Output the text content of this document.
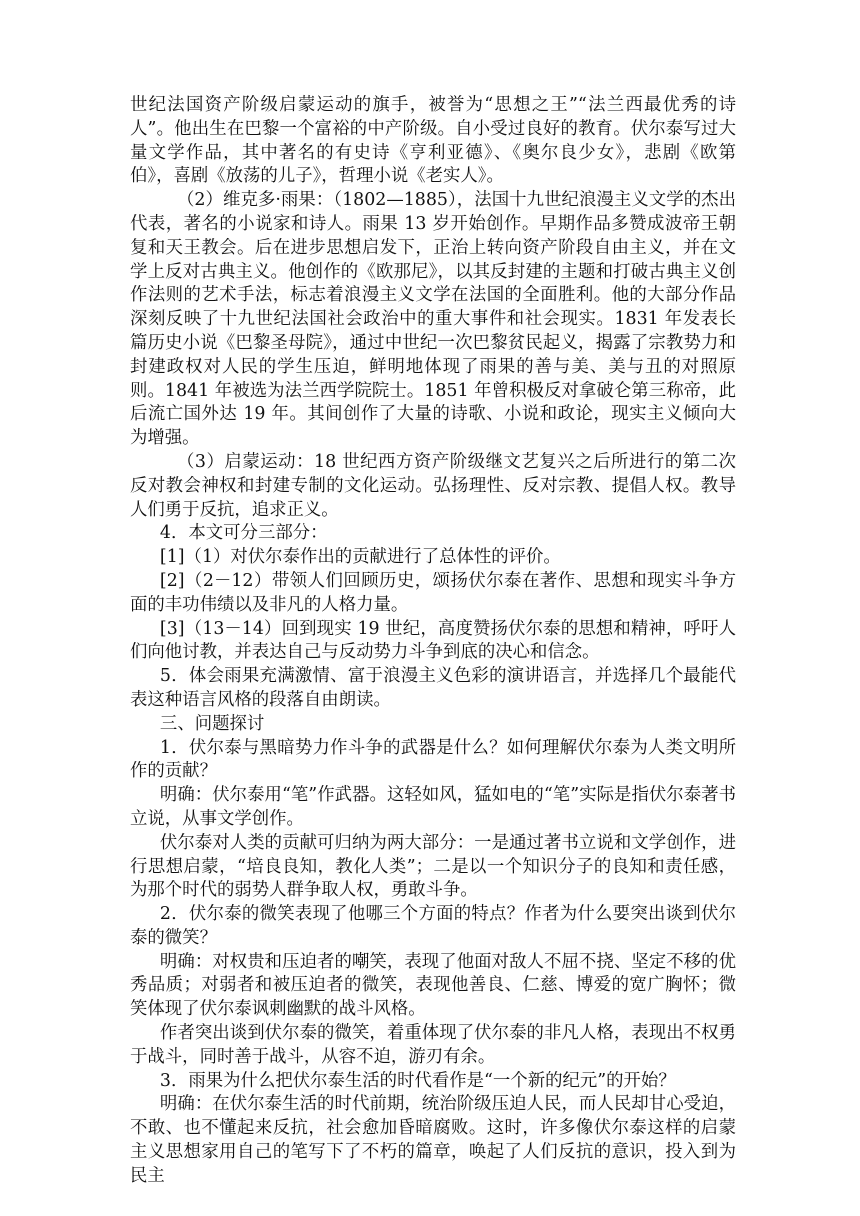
世纪法国资产阶级启蒙运动的旗手，被誉为“思想之王”“法兰西最优秀的诗人”。他出生在巴黎一个富裕的中产阶级。自小受过良好的教育。伏尔泰写过大量文学作品，其中著名的有史诗《亨利亚德》、《奥尔良少女》，悲剧《欧第伯》，喜剧《放荡的儿子》，哲理小说《老实人》。

（2）维克多·雨果：（1802—1885），法国十九世纪浪漫主义文学的杰出代表，著名的小说家和诗人。雨果 13 岁开始创作。早期作品多赞成波帝王朝复和天王教会。后在进步思想启发下，正治上转向资产阶段自由主义，并在文学上反对古典主义。他创作的《欧那尼》，以其反封建的主题和打破古典主义创作法则的艺术手法，标志着浪漫主义文学在法国的全面胜利。他的大部分作品深刻反映了十九世纪法国社会政治中的重大事件和社会现实。1831 年发表长篇历史小说《巴黎圣母院》，通过中世纪一次巴黎贫民起义，揭露了宗教势力和封建政权对人民的学生压迫，鲜明地体现了雨果的善与美、美与丑的对照原则。1841 年被选为法兰西学院院士。1851 年曾积极反对拿破仑第三称帝，此后流亡国外达 19 年。其间创作了大量的诗歌、小说和政论，现实主义倾向大为增强。

（3）启蒙运动：18 世纪西方资产阶级继文艺复兴之后所进行的第二次反对教会神权和封建专制的文化运动。弘扬理性、反对宗教、提倡人权。教导人们勇于反抗，追求正义。

4．本文可分三部分：

[1]（1）对伏尔泰作出的贡献进行了总体性的评价。

[2]（2－12）带领人们回顾历史，颂扬伏尔泰在著作、思想和现实斗争方面的丰功伟绩以及非凡的人格力量。

[3]（13－14）回到现实 19 世纪，高度赞扬伏尔泰的思想和精神，呼吁人们向他讨教，并表达自己与反动势力斗争到底的决心和信念。

5．体会雨果充满激情、富于浪漫主义色彩的演讲语言，并选择几个最能代表这种语言风格的段落自由朗读。

三、问题探讨

1．伏尔泰与黑暗势力作斗争的武器是什么？如何理解伏尔泰为人类文明所作的贡献？

明确：伏尔泰用“笔”作武器。这轻如风，猛如电的“笔”实际是指伏尔泰著书立说，从事文学创作。

伏尔泰对人类的贡献可归纳为两大部分：一是通过著书立说和文学创作，进行思想启蒙，“培良良知，教化人类”；二是以一个知识分子的良知和责任感，为那个时代的弱势人群争取人权，勇敢斗争。

2．伏尔泰的微笑表现了他哪三个方面的特点？作者为什么要突出谈到伏尔泰的微笑？

明确：对权贵和压迫者的嘲笑，表现了他面对敌人不屈不挠、坚定不移的优秀品质；对弱者和被压迫者的微笑，表现他善良、仁慈、博爱的宽广胸怀；微笑体现了伏尔泰讽刺幽默的战斗风格。

作者突出谈到伏尔泰的微笑，着重体现了伏尔泰的非凡人格，表现出不权勇于战斗，同时善于战斗，从容不迫，游刃有余。

3．雨果为什么把伏尔泰生活的时代看作是“一个新的纪元”的开始？

明确：在伏尔泰生活的时代前期，统治阶级压迫人民，而人民却甘心受迫，不敢、也不懂起来反抗，社会愈加昏暗腐败。这时，许多像伏尔泰这样的启蒙主义思想家用自己的笔写下了不朽的篇章，唤起了人们反抗的意识，投入到为民主
